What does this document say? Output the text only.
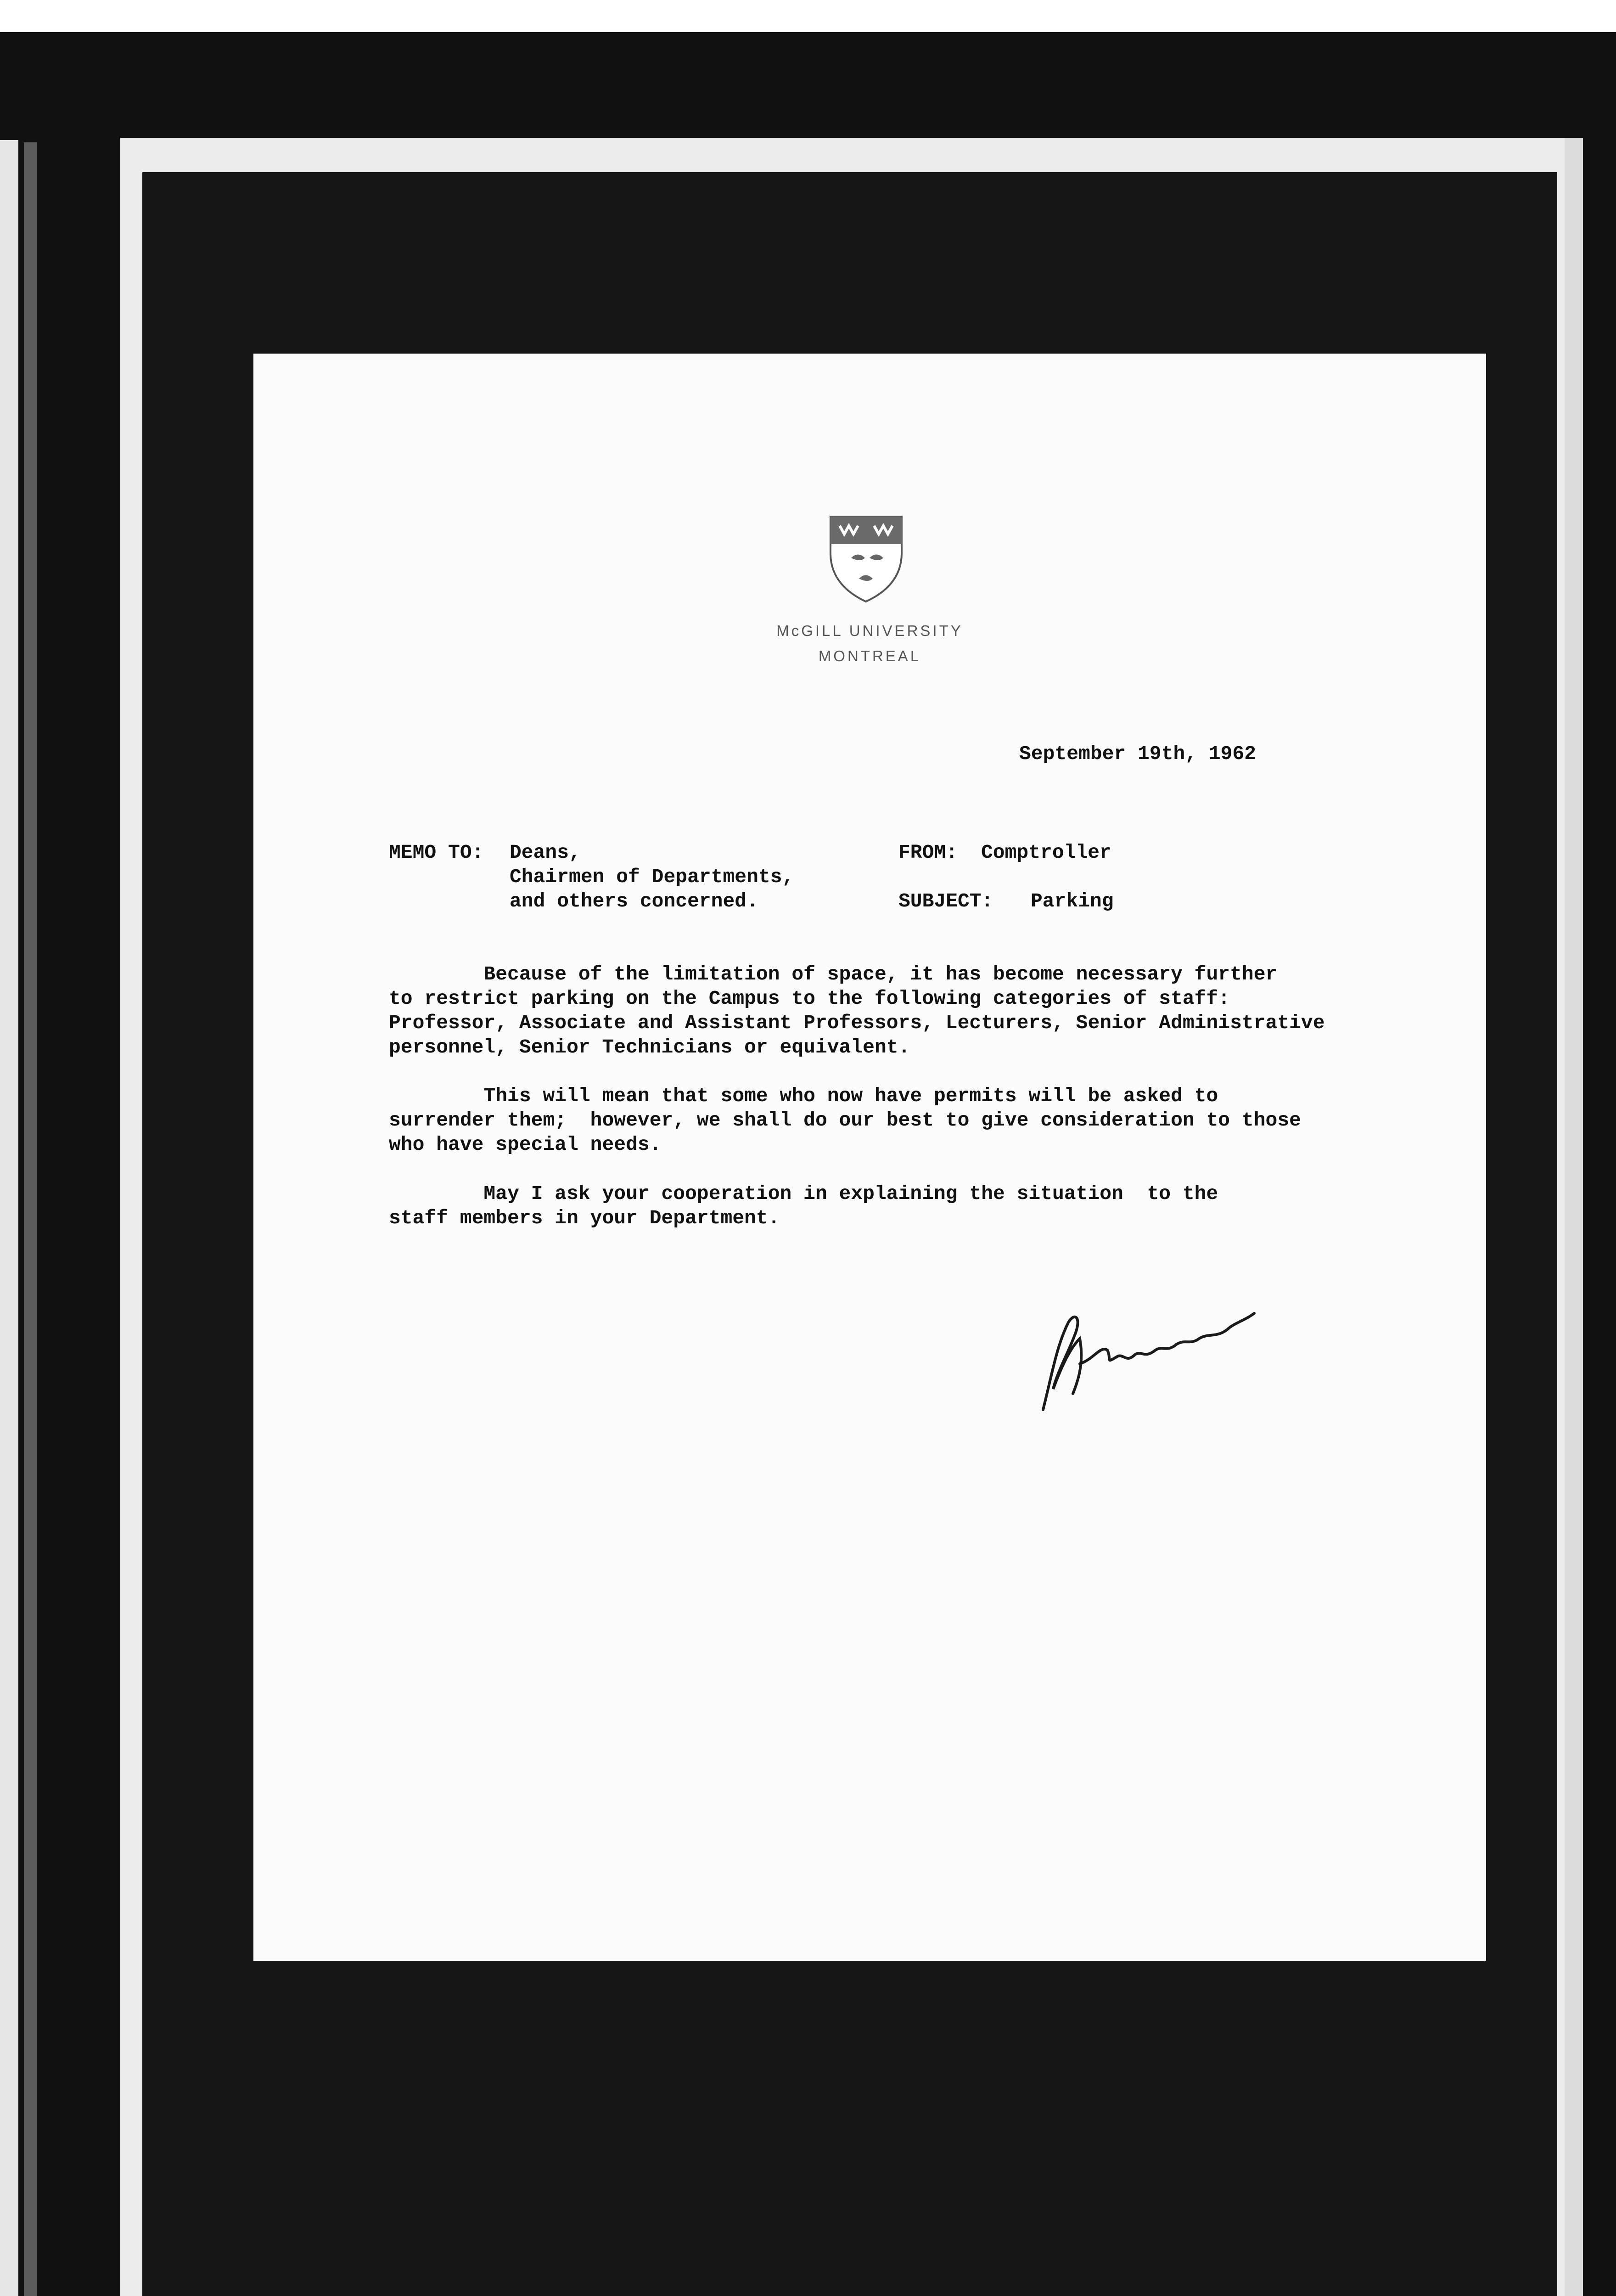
McGILL UNIVERSITY
MONTREAL
September 19th, 1962
MEMO TO: Deans,
Chairmen of Departments,
and others concerned.
FROM: Comptroller
SUBJECT: Parking
Because of the limitation of space, it has become necessary further
to restrict parking on the Campus to the following categories of staff:
Professor, Associate and Assistant Professors, Lecturers, Senior Administrative
personnel, Senior Technicians or equivalent.
This will mean that some who now have permits will be asked to
surrender them;  however, we shall do our best to give consideration to those
who have special needs.
May I ask your cooperation in explaining the situation  to the
staff members in your Department.
